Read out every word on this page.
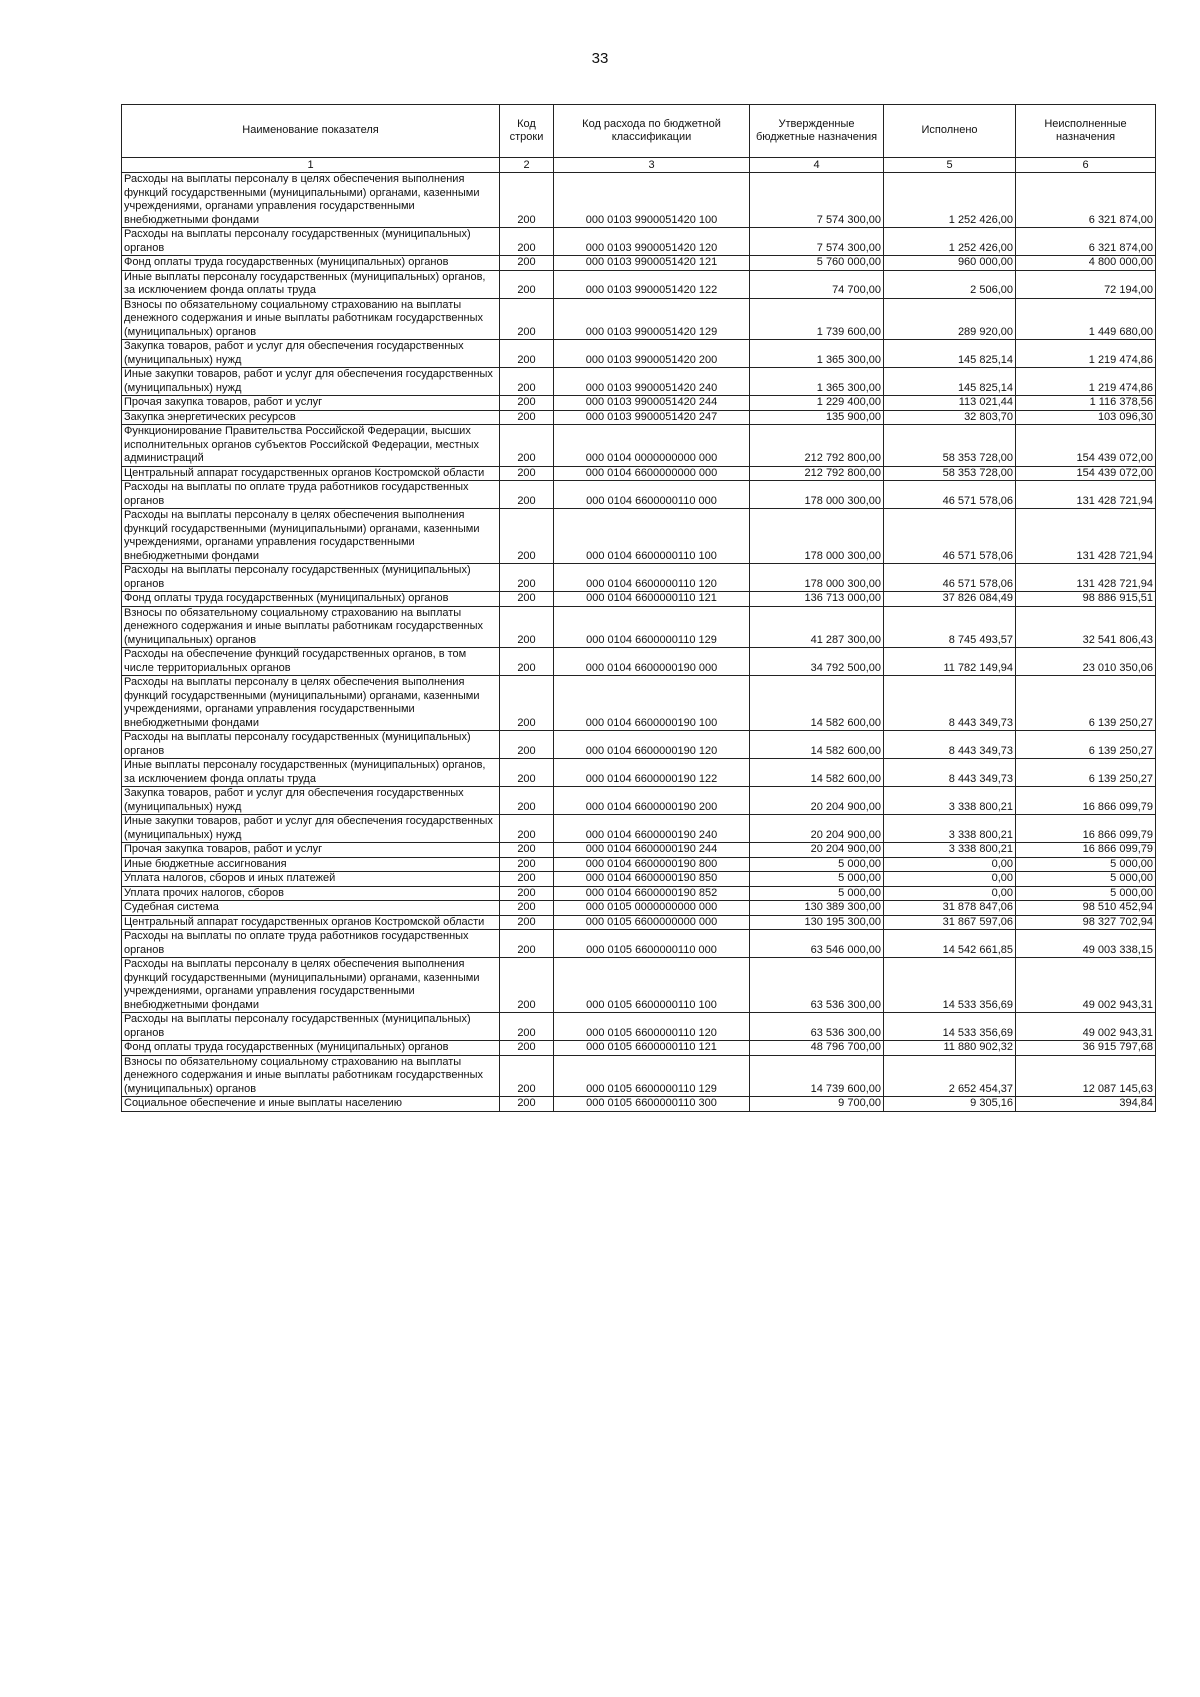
33
Наименование показателя	Код строки	Код расхода по бюджетной классификации	Утвержденные бюджетные назначения	Исполнено	Неисполненные назначения
1	2	3	4	5	6
Расходы на выплаты персоналу в целях обеспечения выполнения функций государственными (муниципальными) органами, казенными учреждениями, органами управления государственными внебюджетными фондами	200	000 0103 9900051420 100	7 574 300,00	1 252 426,00	6 321 874,00
Расходы на выплаты персоналу государственных (муниципальных) органов	200	000 0103 9900051420 120	7 574 300,00	1 252 426,00	6 321 874,00
Фонд оплаты труда государственных (муниципальных) органов	200	000 0103 9900051420 121	5 760 000,00	960 000,00	4 800 000,00
Иные выплаты персоналу государственных (муниципальных) органов, за исключением фонда оплаты труда	200	000 0103 9900051420 122	74 700,00	2 506,00	72 194,00
Взносы по обязательному социальному страхованию на выплаты денежного содержания и иные выплаты работникам государственных (муниципальных) органов	200	000 0103 9900051420 129	1 739 600,00	289 920,00	1 449 680,00
Закупка товаров, работ и услуг для обеспечения государственных (муниципальных) нужд	200	000 0103 9900051420 200	1 365 300,00	145 825,14	1 219 474,86
Иные закупки товаров, работ и услуг для обеспечения государственных (муниципальных) нужд	200	000 0103 9900051420 240	1 365 300,00	145 825,14	1 219 474,86
Прочая закупка товаров, работ и услуг	200	000 0103 9900051420 244	1 229 400,00	113 021,44	1 116 378,56
Закупка энергетических ресурсов	200	000 0103 9900051420 247	135 900,00	32 803,70	103 096,30
Функционирование Правительства Российской Федерации, высших исполнительных органов субъектов Российской Федерации, местных администраций	200	000 0104 0000000000 000	212 792 800,00	58 353 728,00	154 439 072,00
Центральный аппарат государственных органов Костромской области	200	000 0104 6600000000 000	212 792 800,00	58 353 728,00	154 439 072,00
Расходы на выплаты по оплате труда работников государственных органов	200	000 0104 6600000110 000	178 000 300,00	46 571 578,06	131 428 721,94
Расходы на выплаты персоналу в целях обеспечения выполнения функций государственными (муниципальными) органами, казенными учреждениями, органами управления государственными внебюджетными фондами	200	000 0104 6600000110 100	178 000 300,00	46 571 578,06	131 428 721,94
Расходы на выплаты персоналу государственных (муниципальных) органов	200	000 0104 6600000110 120	178 000 300,00	46 571 578,06	131 428 721,94
Фонд оплаты труда государственных (муниципальных) органов	200	000 0104 6600000110 121	136 713 000,00	37 826 084,49	98 886 915,51
Взносы по обязательному социальному страхованию на выплаты денежного содержания и иные выплаты работникам государственных (муниципальных) органов	200	000 0104 6600000110 129	41 287 300,00	8 745 493,57	32 541 806,43
Расходы на обеспечение функций государственных органов, в том числе территориальных органов	200	000 0104 6600000190 000	34 792 500,00	11 782 149,94	23 010 350,06
Расходы на выплаты персоналу в целях обеспечения выполнения функций государственными (муниципальными) органами, казенными учреждениями, органами управления государственными внебюджетными фондами	200	000 0104 6600000190 100	14 582 600,00	8 443 349,73	6 139 250,27
Расходы на выплаты персоналу государственных (муниципальных) органов	200	000 0104 6600000190 120	14 582 600,00	8 443 349,73	6 139 250,27
Иные выплаты персоналу государственных (муниципальных) органов, за исключением фонда оплаты труда	200	000 0104 6600000190 122	14 582 600,00	8 443 349,73	6 139 250,27
Закупка товаров, работ и услуг для обеспечения государственных (муниципальных) нужд	200	000 0104 6600000190 200	20 204 900,00	3 338 800,21	16 866 099,79
Иные закупки товаров, работ и услуг для обеспечения государственных (муниципальных) нужд	200	000 0104 6600000190 240	20 204 900,00	3 338 800,21	16 866 099,79
Прочая закупка товаров, работ и услуг	200	000 0104 6600000190 244	20 204 900,00	3 338 800,21	16 866 099,79
Иные бюджетные ассигнования	200	000 0104 6600000190 800	5 000,00	0,00	5 000,00
Уплата налогов, сборов и иных платежей	200	000 0104 6600000190 850	5 000,00	0,00	5 000,00
Уплата прочих налогов, сборов	200	000 0104 6600000190 852	5 000,00	0,00	5 000,00
Судебная система	200	000 0105 0000000000 000	130 389 300,00	31 878 847,06	98 510 452,94
Центральный аппарат государственных органов Костромской области	200	000 0105 6600000000 000	130 195 300,00	31 867 597,06	98 327 702,94
Расходы на выплаты по оплате труда работников государственных органов	200	000 0105 6600000110 000	63 546 000,00	14 542 661,85	49 003 338,15
Расходы на выплаты персоналу в целях обеспечения выполнения функций государственными (муниципальными) органами, казенными учреждениями, органами управления государственными внебюджетными фондами	200	000 0105 6600000110 100	63 536 300,00	14 533 356,69	49 002 943,31
Расходы на выплаты персоналу государственных (муниципальных) органов	200	000 0105 6600000110 120	63 536 300,00	14 533 356,69	49 002 943,31
Фонд оплаты труда государственных (муниципальных) органов	200	000 0105 6600000110 121	48 796 700,00	11 880 902,32	36 915 797,68
Взносы по обязательному социальному страхованию на выплаты денежного содержания и иные выплаты работникам государственных (муниципальных) органов	200	000 0105 6600000110 129	14 739 600,00	2 652 454,37	12 087 145,63
Социальное обеспечение и иные выплаты населению	200	000 0105 6600000110 300	9 700,00	9 305,16	394,84
